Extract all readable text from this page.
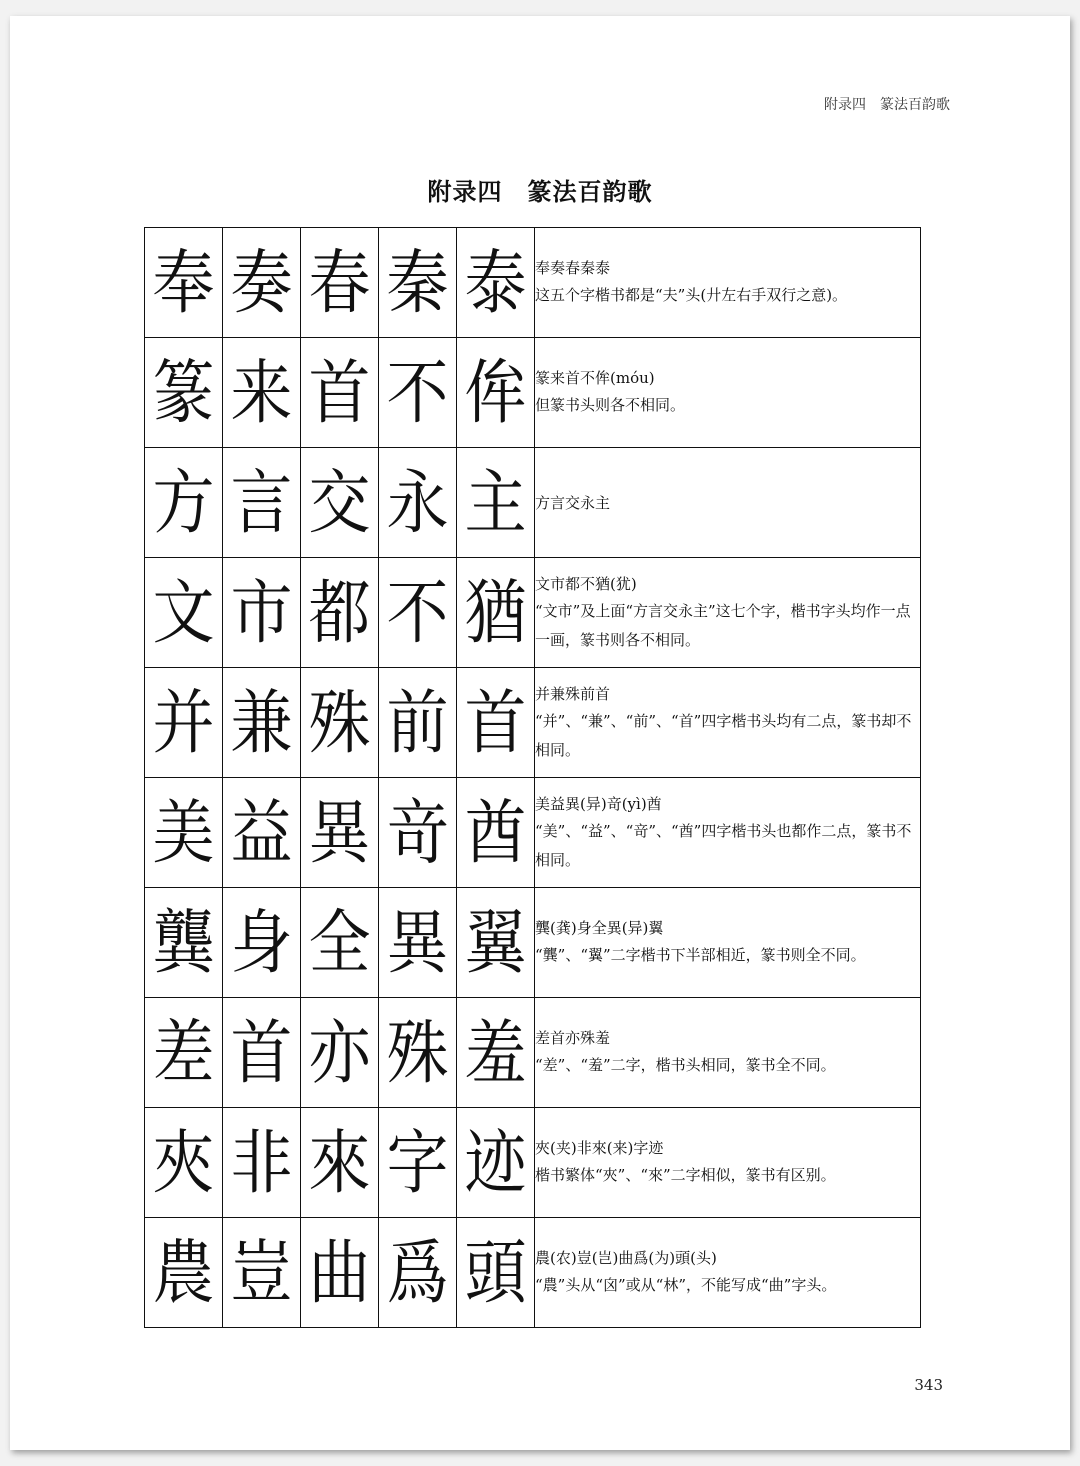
附录四　篆法百韵歌
附录四　篆法百韵歌
奉	奏	春	秦	泰	奉奏春秦泰
这五个字楷书都是“夫”头(廾左右手双行之意)。

篆	来	首	不	侔	篆来首不侔(móu)
但篆书头则各不相同。

方	言	交	永	主	方言交永主

文	市	都	不	猶	文市都不猶(犹)
“文市”及上面“方言交永主”这七个字，楷书字头均作一点一画，篆书则各不相同。

并	兼	殊	前	首	并兼殊前首
“并”、“兼”、“前”、“首”四字楷书头均有二点，篆书却不相同。

美	益	異	竒	酋	美益異(异)竒(yì)酋
“美”、“益”、“竒”、“酋”四字楷书头也都作二点，篆书不相同。

龔	身	全	異	翼	龔(龚)身全異(异)翼
“龔”、“翼”二字楷书下半部相近，篆书则全不同。

差	首	亦	殊	羞	差首亦殊羞
“差”、“羞”二字，楷书头相同，篆书全不同。

夾	非	來	字	迹	夾(夹)非來(来)字迹
楷书繁体“夾”、“來”二字相似，篆书有区别。

農	豈	曲	爲	頭	農(农)豈(岂)曲爲(为)頭(头)
“農”头从“囟”或从“林”，不能写成“曲”字头。
343
